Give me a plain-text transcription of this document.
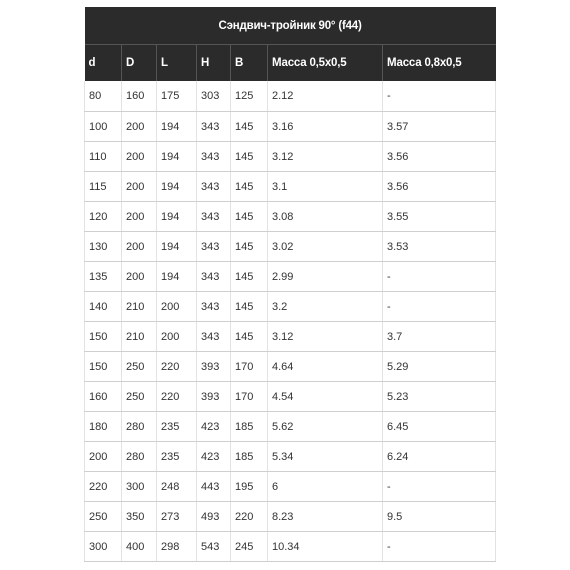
Сэндвич-тройник 90° (f44)						
d	D	L	H	B	Масса 0,5х0,5	Масса 0,8х0,5
80	160	175	303	125	2.12	-
100	200	194	343	145	3.16	3.57
110	200	194	343	145	3.12	3.56
115	200	194	343	145	3.1	3.56
120	200	194	343	145	3.08	3.55
130	200	194	343	145	3.02	3.53
135	200	194	343	145	2.99	-
140	210	200	343	145	3.2	-
150	210	200	343	145	3.12	3.7
150	250	220	393	170	4.64	5.29
160	250	220	393	170	4.54	5.23
180	280	235	423	185	5.62	6.45
200	280	235	423	185	5.34	6.24
220	300	248	443	195	6	-
250	350	273	493	220	8.23	9.5
300	400	298	543	245	10.34	-
